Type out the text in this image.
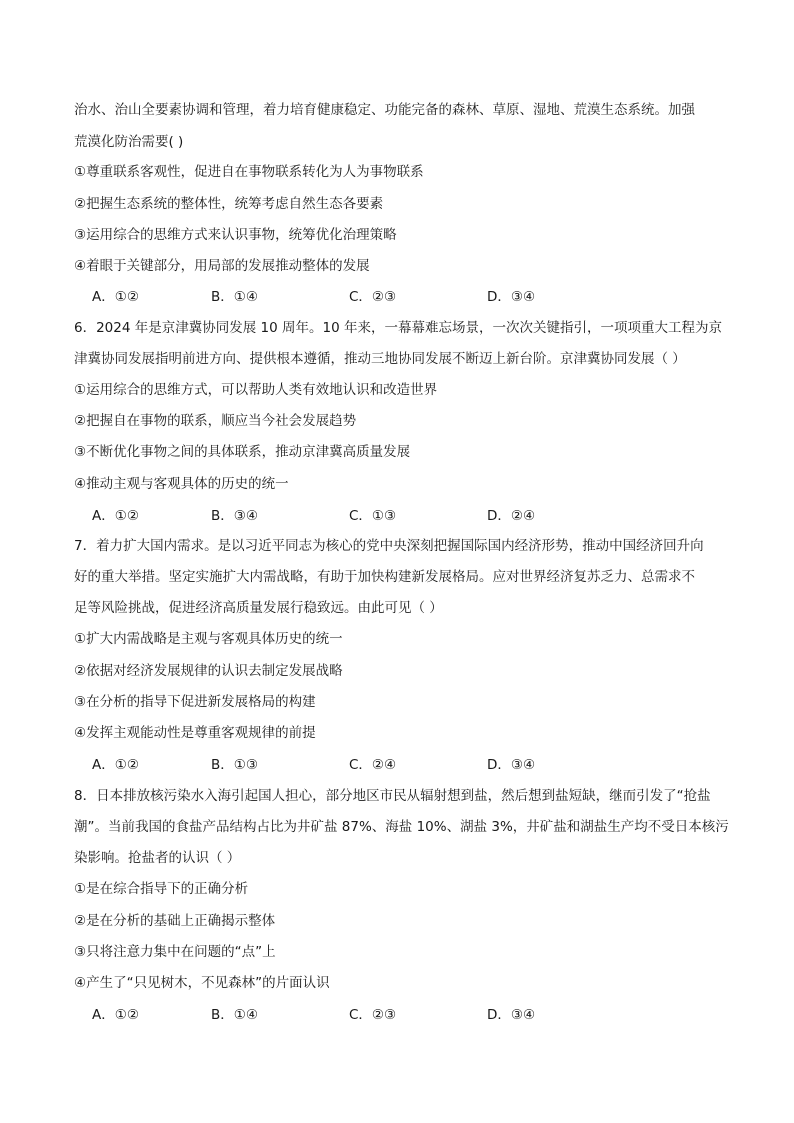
治水、治山全要素协调和管理，着力培育健康稳定、功能完备的森林、草原、湿地、荒漠生态系统。加强
荒漠化防治需要( )
①尊重联系客观性，促进自在事物联系转化为人为事物联系
②把握生态系统的整体性，统筹考虑自然生态各要素
③运用综合的思维方式来认识事物，统筹优化治理策略
④着眼于关键部分，用局部的发展推动整体的发展
A．①②	B．①④	C．②③	D．③④
6．2024 年是京津冀协同发展 10 周年。10 年来，一幕幕难忘场景，一次次关键指引，一项项重大工程为京
津冀协同发展指明前进方向、提供根本遵循，推动三地协同发展不断迈上新台阶。京津冀协同发展（ ）
①运用综合的思维方式，可以帮助人类有效地认识和改造世界
②把握自在事物的联系，顺应当今社会发展趋势
③不断优化事物之间的具体联系，推动京津冀高质量发展
④推动主观与客观具体的历史的统一
A．①②	B．③④	C．①③	D．②④
7．着力扩大国内需求。是以习近平同志为核心的党中央深刻把握国际国内经济形势，推动中国经济回升向
好的重大举措。坚定实施扩大内需战略，有助于加快构建新发展格局。应对世界经济复苏乏力、总需求不
足等风险挑战，促进经济高质量发展行稳致远。由此可见（ ）
①扩大内需战略是主观与客观具体历史的统一
②依据对经济发展规律的认识去制定发展战略
③在分析的指导下促进新发展格局的构建
④发挥主观能动性是尊重客观规律的前提
A．①②	B．①③	C．②④	D．③④
8．日本排放核污染水入海引起国人担心，部分地区市民从辐射想到盐，然后想到盐短缺，继而引发了“抢盐
潮”。当前我国的食盐产品结构占比为井矿盐 87%、海盐 10%、湖盐 3%，井矿盐和湖盐生产均不受日本核污
染影响。抢盐者的认识（ ）
①是在综合指导下的正确分析
②是在分析的基础上正确揭示整体
③只将注意力集中在问题的“点”上
④产生了“只见树木，不见森林”的片面认识
A．①②	B．①④	C．②③	D．③④
